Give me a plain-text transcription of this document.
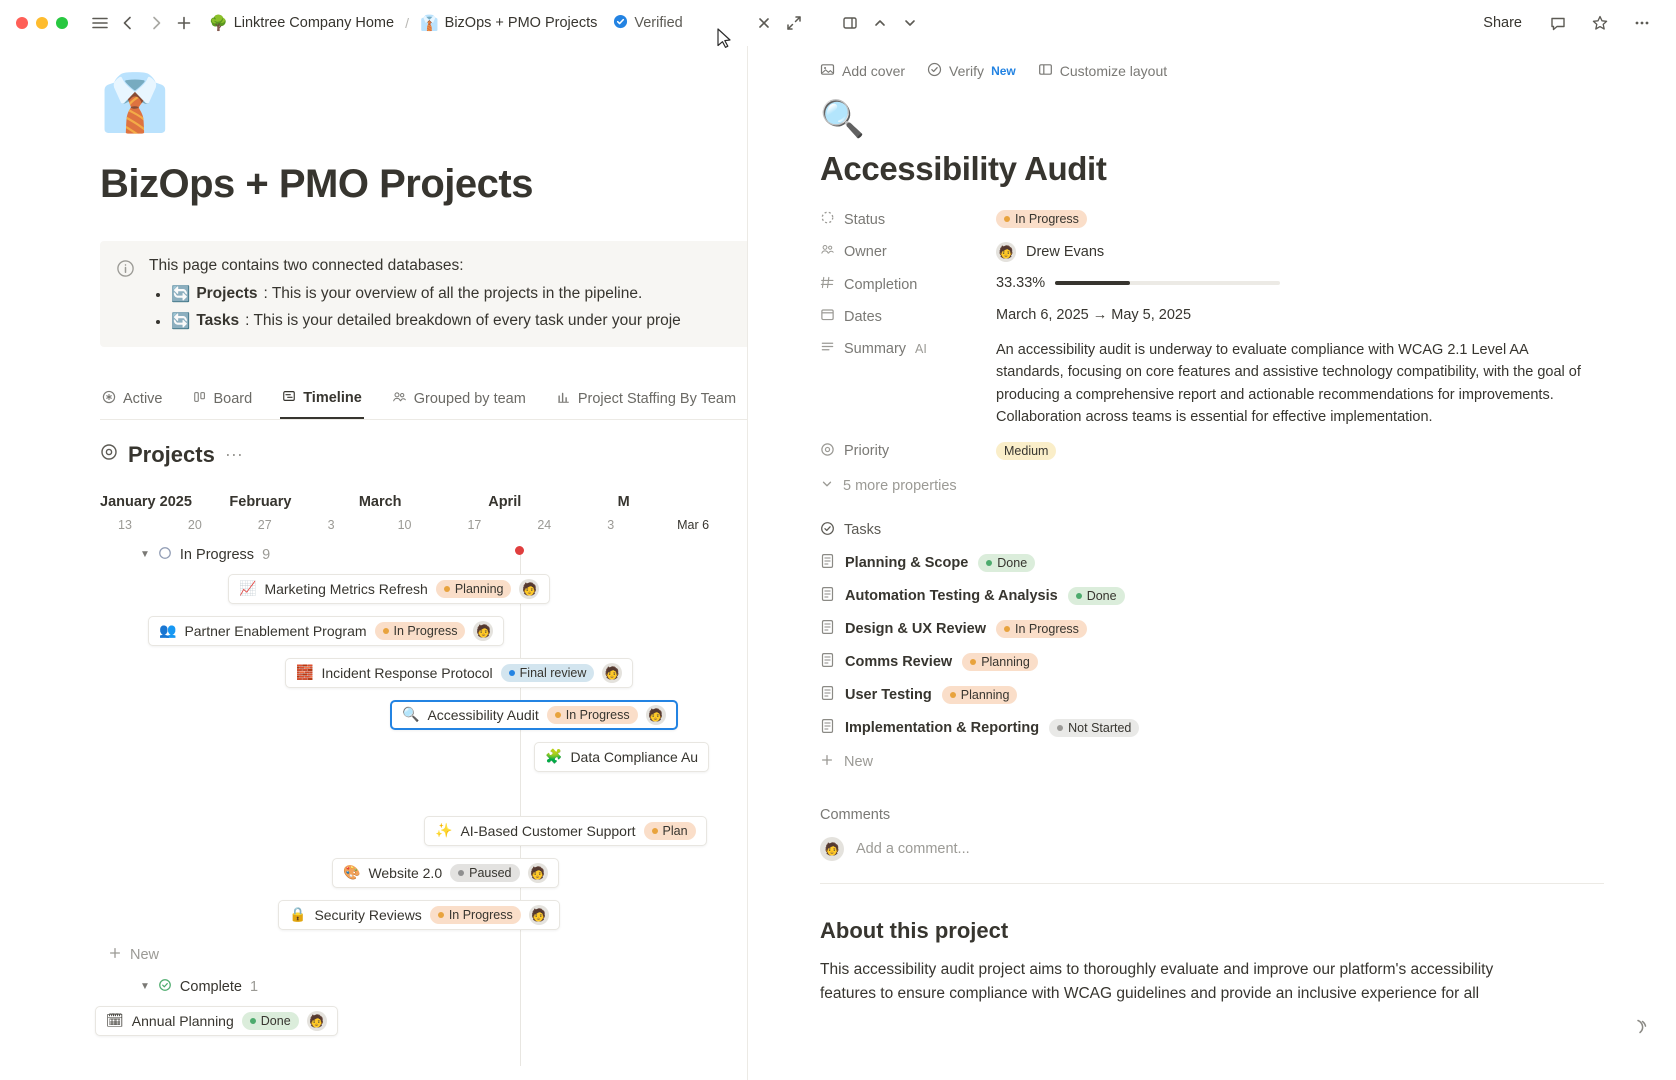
🌳 Linktree Company Home / 👔 BizOps + PMO Projects	Verified	Share
👔
BizOps + PMO Projects
This page contains two connected databases:
• 🔄 Projects : This is your overview of all the projects in the pipeline.
• 🔄 Tasks : This is your detailed breakdown of every task under your proje
Active	Board	Timeline	Grouped by team	Project Staffing By Team
Projects ···
January 2025	February	March	April	M
13	20	27	3	10	17	24	3	Mar 6
▼ In Progress 9
📈 Marketing Metrics Refresh Planning 🧑
👥 Partner Enablement Program In Progress 🧑
🧱 Incident Response Protocol Final review 🧑
🔍 Accessibility Audit In Progress 🧑
🧩 Data Compliance Au
✨ AI-Based Customer Support Plan
🎨 Website 2.0 Paused 🧑
🔒 Security Reviews In Progress 🧑
New
▼ Complete 1
🗓 Annual Planning Done 🧑
Add cover	Verify New	Customize layout
🔍
Accessibility Audit
Status	In Progress
Owner	🧑 Drew Evans
Completion	33.33%
Dates	March 6, 2025 → May 5, 2025
Summary AI	An accessibility audit is underway to evaluate compliance with WCAG 2.1 Level AA standards, focusing on core features and assistive technology compatibility, with the goal of producing a comprehensive report and actionable recommendations for improvements. Collaboration across teams is essential for effective implementation.
Priority	Medium
5 more properties
Tasks
Planning & Scope Done
Automation Testing & Analysis Done
Design & UX Review In Progress
Comms Review Planning
User Testing Planning
Implementation & Reporting Not Started
New
Comments
🧑	Add a comment...
About this project
This accessibility audit project aims to thoroughly evaluate and improve our platform's accessibility features to ensure compliance with WCAG guidelines and provide an inclusive experience for all
